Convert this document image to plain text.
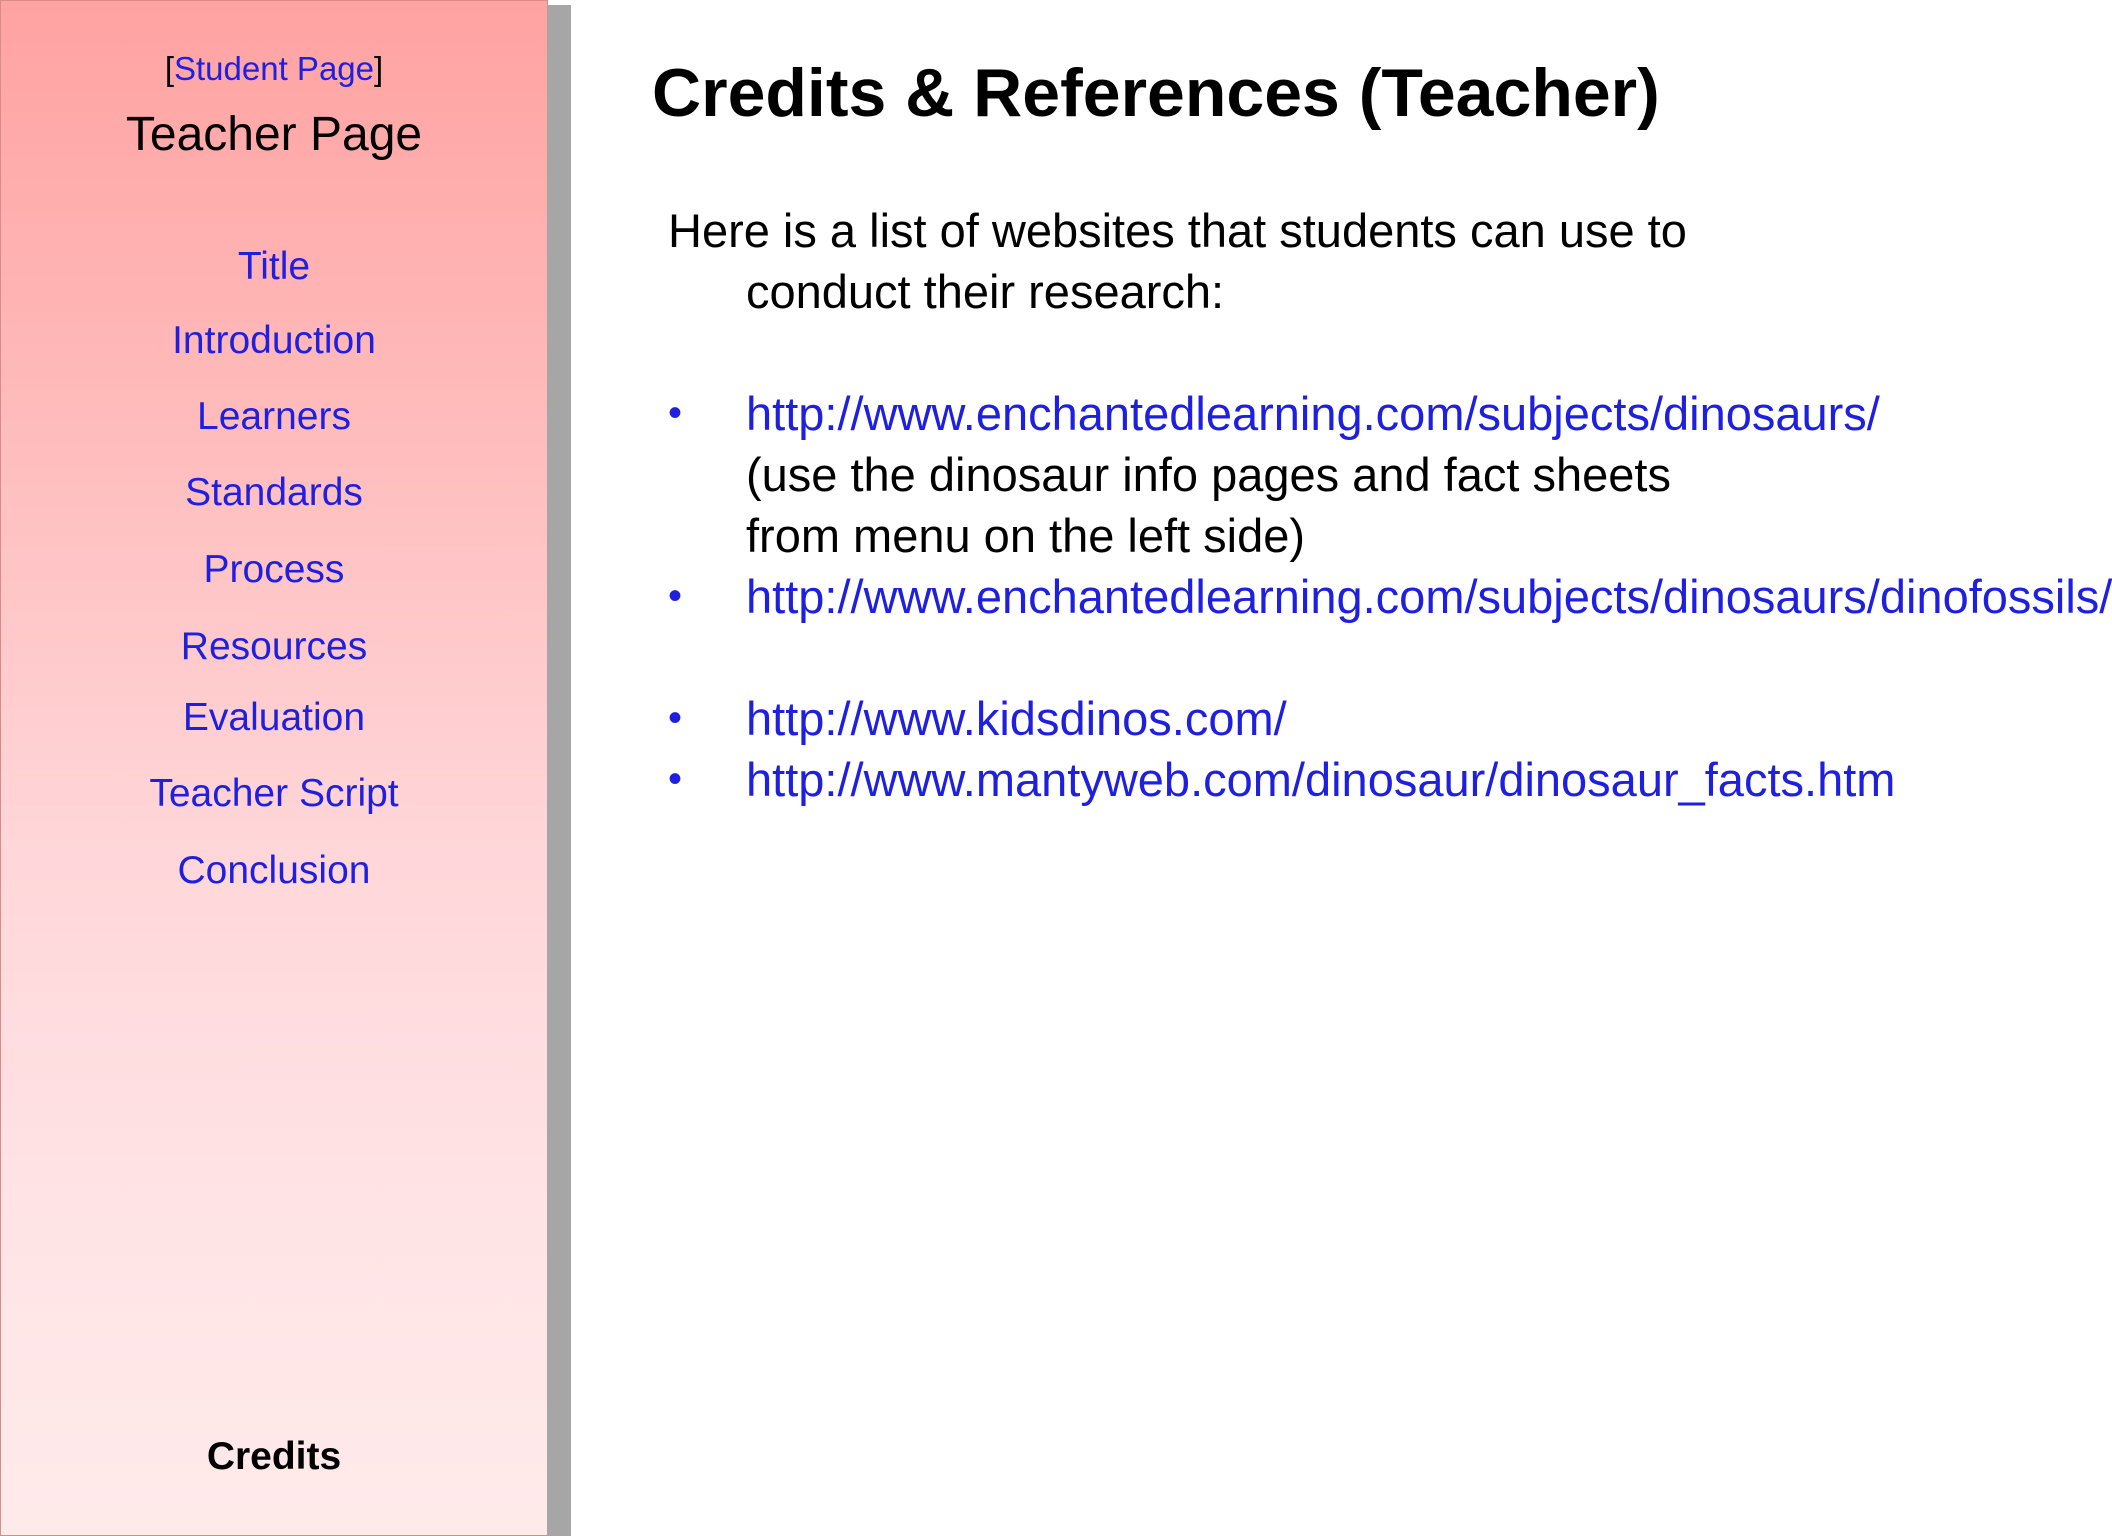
[Student Page]
Teacher Page
Title
Introduction
Learners
Standards
Process
Resources
Evaluation
Teacher Script
Conclusion
Credits
Credits & References (Teacher)

Here is a list of websites that students can use to conduct their research:

• http://www.enchantedlearning.com/subjects/dinosaurs/
(use the dinosaur info pages and fact sheets
from menu on the left side)
• http://www.enchantedlearning.com/subjects/dinosaurs/dinofossils/
• http://www.kidsdinos.com/
• http://www.mantyweb.com/dinosaur/dinosaur_facts.htm
